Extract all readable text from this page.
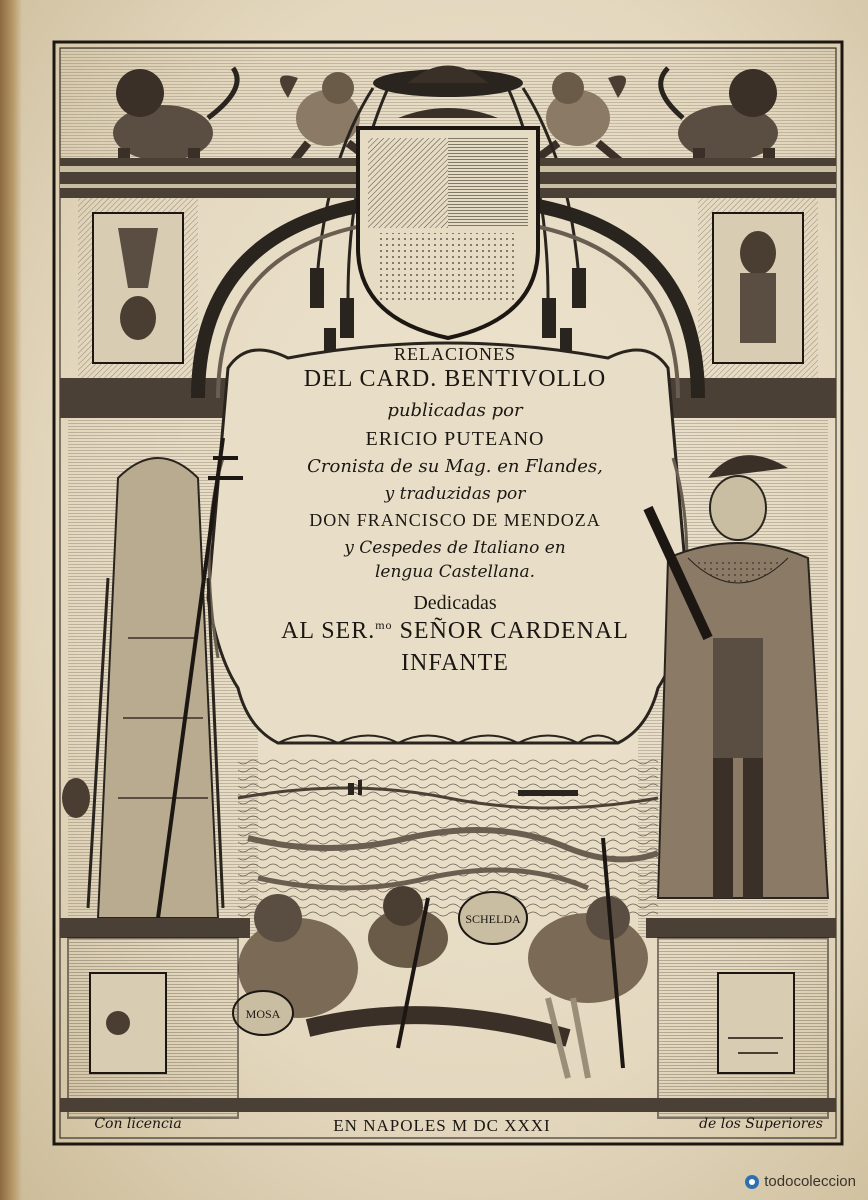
MOSA
SCHELDA
RELACIONES
DEL CARD. BENTIVOLLO
publicadas por
ERICIO PUTEANO
Cronista de su Mag. en Flandes,
y traduzidas por
DON FRANCISCO DE MENDOZA
y Cespedes de Italiano en
lengua Castellana.
Dedicadas
AL SER.$^{mo}$ SEÑOR CARDENAL
INFANTE
Con licencia	EN NAPOLES M DC XXXI	de los Superiores
todocoleccion
